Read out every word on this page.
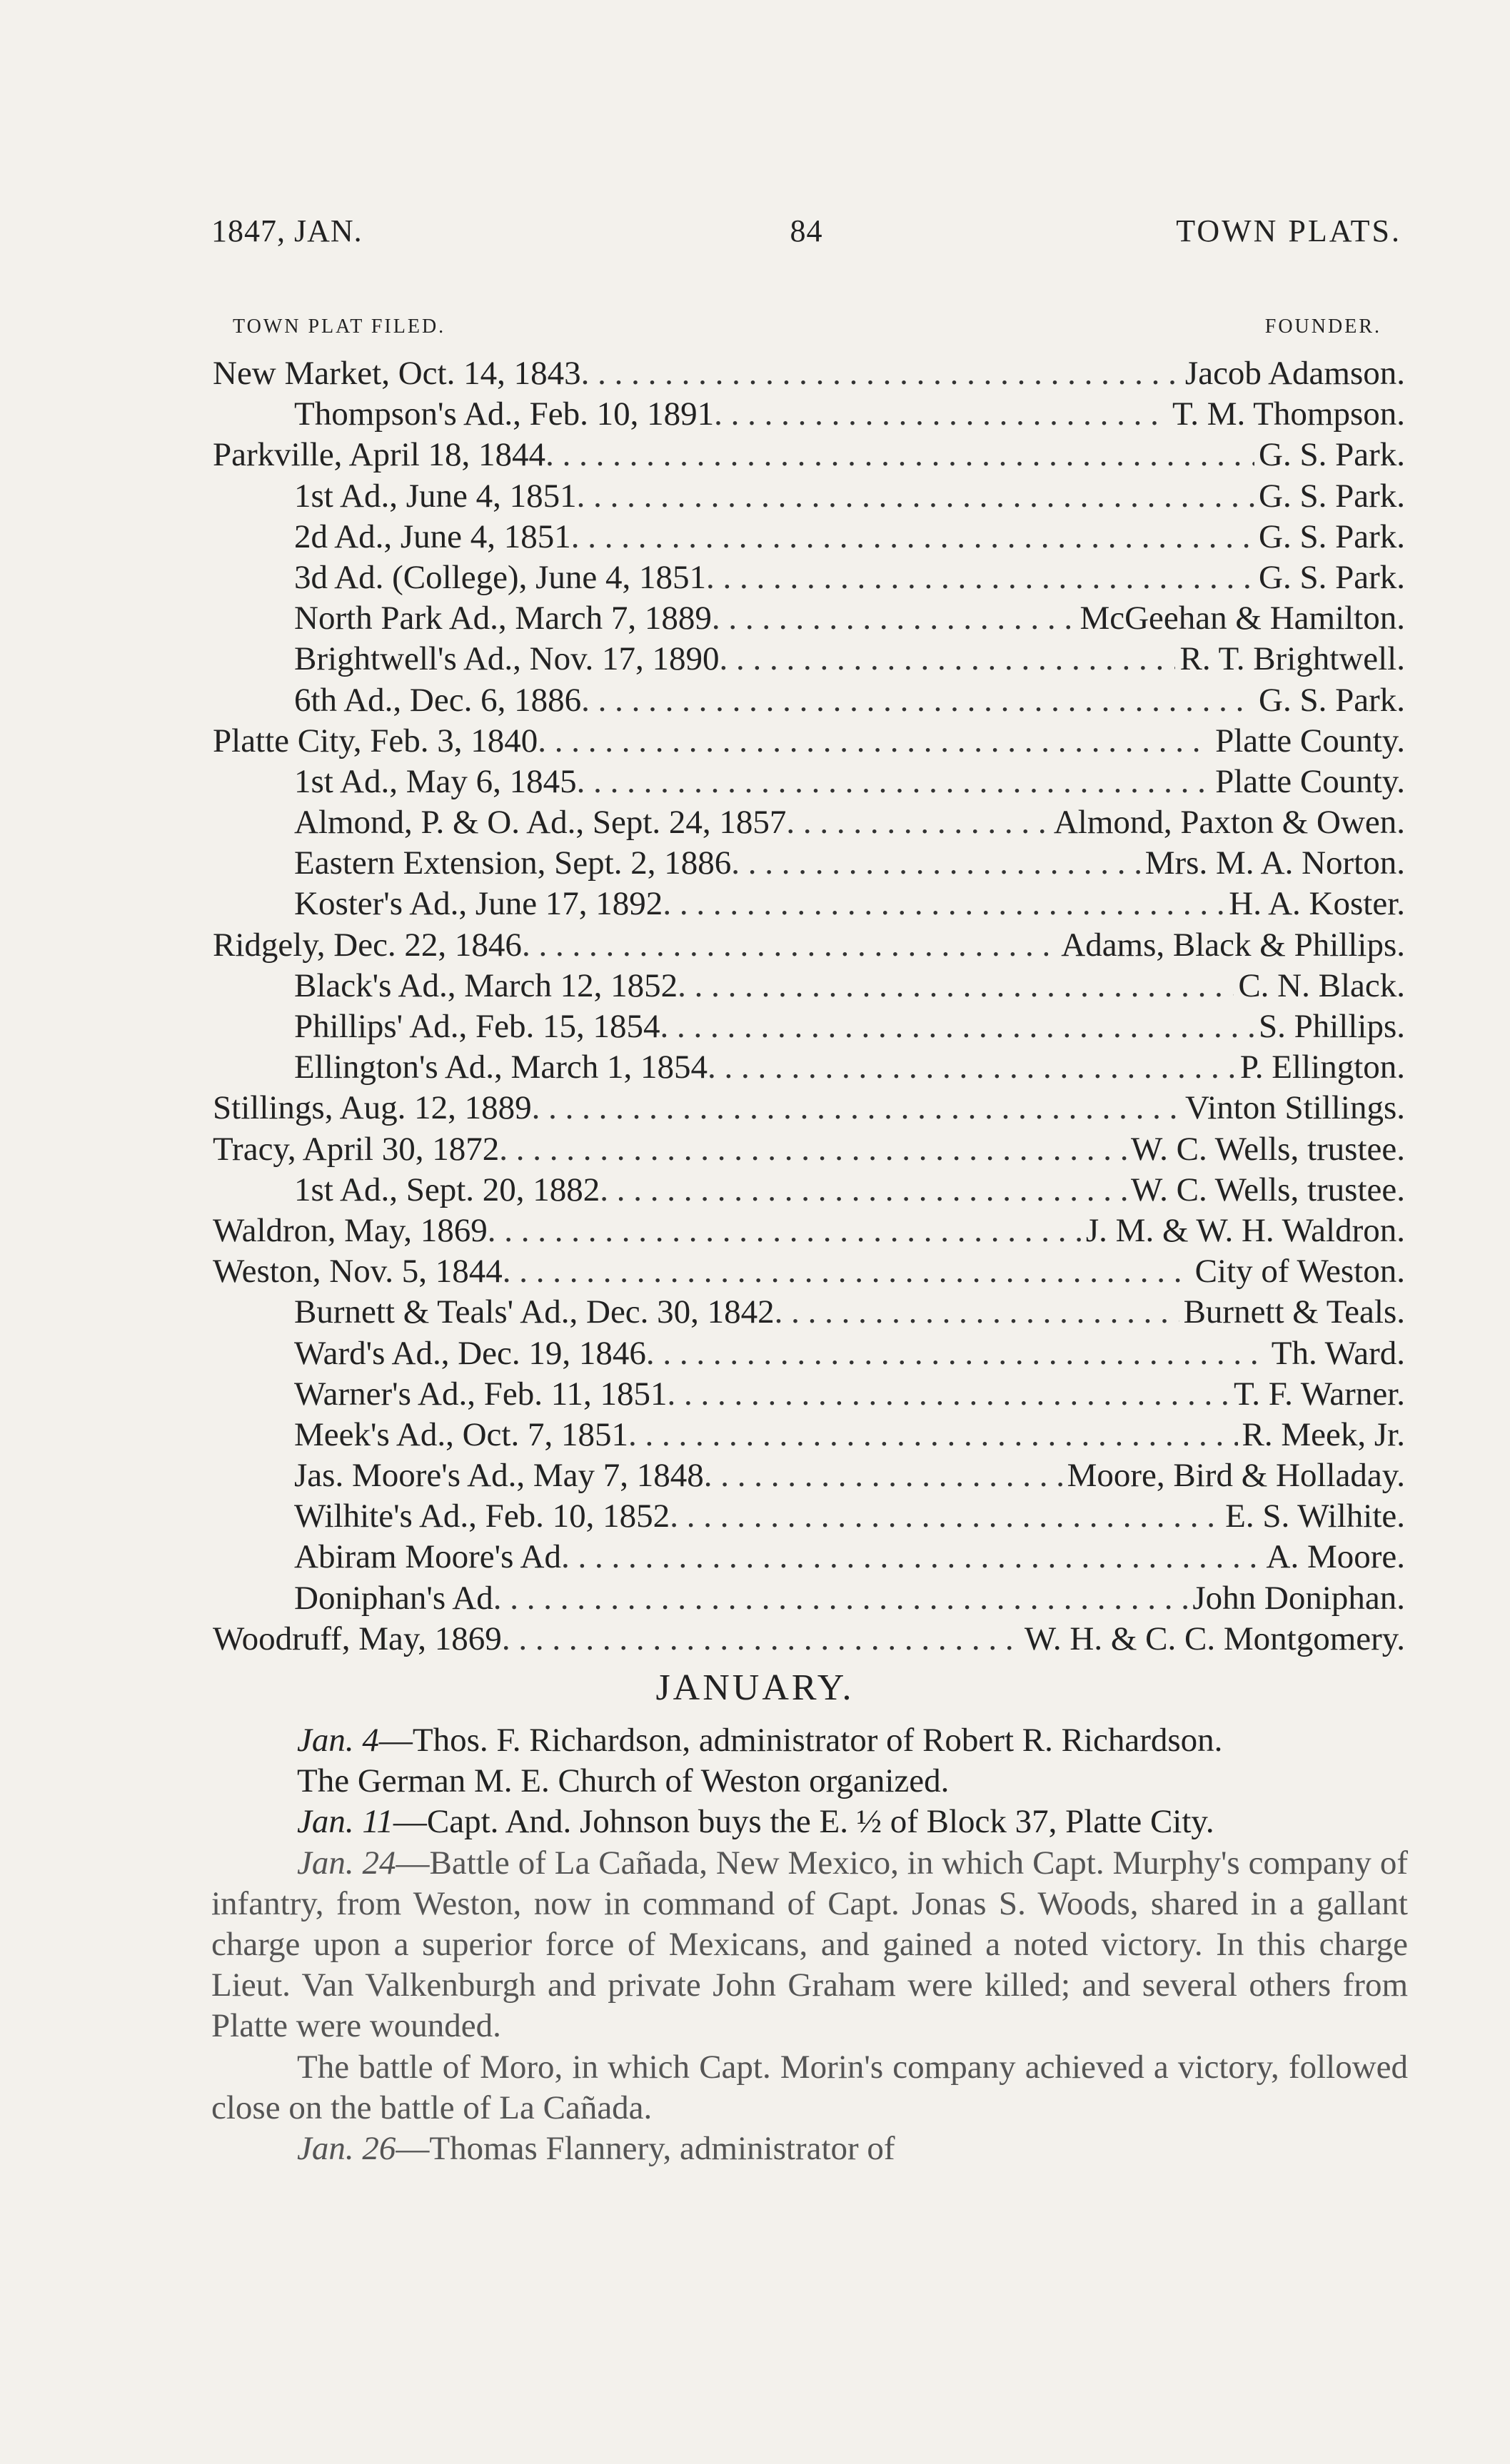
1847, JAN.	84	TOWN PLATS.
TOWN PLAT FILED.	FOUNDER.
New Market, Oct. 14, 1843 . . .	Jacob Adamson.
Thompson's Ad., Feb. 10, 1891 . . .	T. M. Thompson.
Parkville, April 18, 1844 . . .	G. S. Park.
1st Ad., June 4, 1851 . . .	G. S. Park.
2d Ad., June 4, 1851 . . .	G. S. Park.
3d Ad. (College), June 4, 1851 . . .	G. S. Park.
North Park Ad., March 7, 1889 . . .	McGeehan & Hamilton.
Brightwell's Ad., Nov. 17, 1890 . . .	R. T. Brightwell.
6th Ad., Dec. 6, 1886 . . .	G. S. Park.
Platte City, Feb. 3, 1840 . . .	Platte County.
1st Ad., May 6, 1845 . . .	Platte County.
Almond, P. & O. Ad., Sept. 24, 1857 . . .	Almond, Paxton & Owen.
Eastern Extension, Sept. 2, 1886 . . .	Mrs. M. A. Norton.
Koster's Ad., June 17, 1892 . . .	H. A. Koster.
Ridgely, Dec. 22, 1846 . . .	Adams, Black & Phillips.
Black's Ad., March 12, 1852 . . .	C. N. Black.
Phillips' Ad., Feb. 15, 1854 . . .	S. Phillips.
Ellington's Ad., March 1, 1854 . . .	P. Ellington.
Stillings, Aug. 12, 1889 . . .	Vinton Stillings.
Tracy, April 30, 1872 . . .	W. C. Wells, trustee.
1st Ad., Sept. 20, 1882 . . .	W. C. Wells, trustee.
Waldron, May, 1869 . . .	J. M. & W. H. Waldron.
Weston, Nov. 5, 1844 . . .	City of Weston.
Burnett & Teals' Ad., Dec. 30, 1842 . . .	Burnett & Teals.
Ward's Ad., Dec. 19, 1846 . . .	Th. Ward.
Warner's Ad., Feb. 11, 1851 . . .	T. F. Warner.
Meek's Ad., Oct. 7, 1851 . . .	R. Meek, Jr.
Jas. Moore's Ad., May 7, 1848 . . .	Moore, Bird & Holladay.
Wilhite's Ad., Feb. 10, 1852 . . .	E. S. Wilhite.
Abiram Moore's Ad . . .	A. Moore.
Doniphan's Ad . . .	John Doniphan.
Woodruff, May, 1869 . . .	W. H. & C. C. Montgomery.
JANUARY.

Jan. 4—Thos. F. Richardson, administrator of Robert R. Richardson.

The German M. E. Church of Weston organized.

Jan. 11—Capt. And. Johnson buys the E. ½ of Block 37, Platte City.

Jan. 24—Battle of La Cañada, New Mexico, in which Capt. Murphy's company of infantry, from Weston, now in command of Capt. Jonas S. Woods, shared in a gallant charge upon a superior force of Mexicans, and gained a noted victory. In this charge Lieut. Van Valkenburgh and private John Graham were killed; and several others from Platte were wounded.

The battle of Moro, in which Capt. Morin's company achieved a victory, followed close on the battle of La Cañada.

Jan. 26—Thomas Flannery, administrator of
